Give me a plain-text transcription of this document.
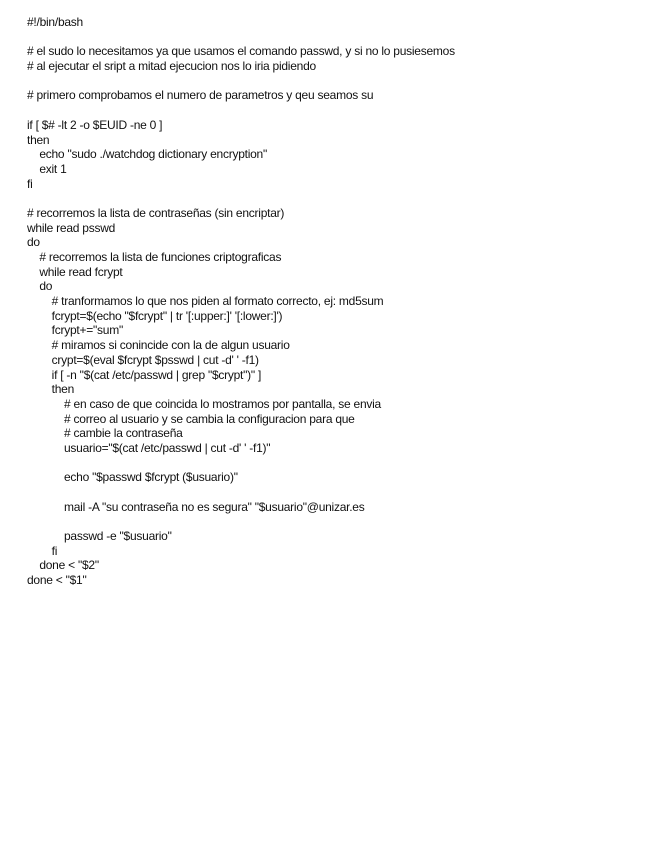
#!/bin/bash
# el sudo lo necesitamos ya que usamos el comando passwd, y si no lo pusiesemos
# al ejecutar el sript a mitad ejecucion nos lo iria pidiendo
# primero comprobamos el numero de parametros y qeu seamos su
if [ $# -lt 2 -o $EUID -ne 0 ]
then
echo "sudo ./watchdog dictionary encryption"
exit 1
fi
# recorremos la lista de contraseñas (sin encriptar)
while read psswd
do
# recorremos la lista de funciones criptograficas
while read fcrypt
do
# tranformamos lo que nos piden al formato correcto, ej: md5sum
fcrypt=$(echo "$fcrypt" | tr '[:upper:]' '[:lower:]')
fcrypt+="sum"
# miramos si conincide con la de algun usuario
crypt=$(eval $fcrypt $psswd | cut -d' ' -f1)
if [ -n "$(cat /etc/passwd | grep "$crypt")" ]
then
# en caso de que coincida lo mostramos por pantalla, se envia
# correo al usuario y se cambia la configuracion para que
# cambie la contraseña
usuario="$(cat /etc/passwd | cut -d' ' -f1)"
echo "$passwd $fcrypt ($usuario)"
mail -A "su contraseña no es segura" "$usuario"@unizar.es
passwd -e "$usuario"
fi
done < "$2"
done < "$1"
